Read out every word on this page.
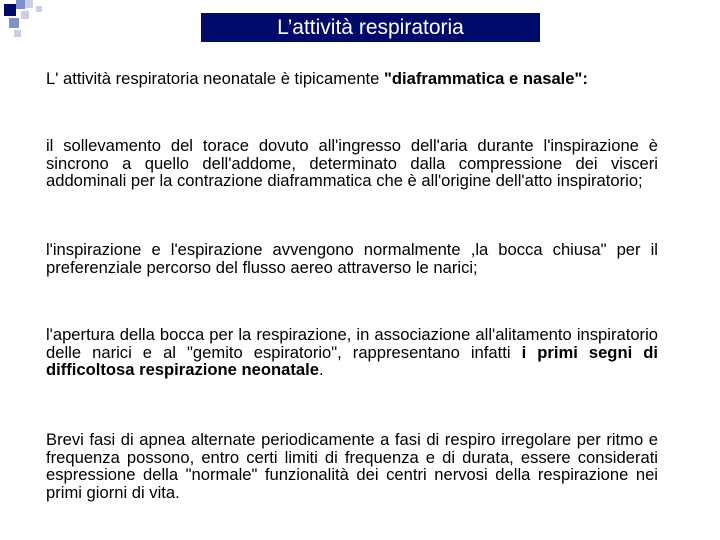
L’attività respiratoria

L' attività respiratoria neonatale è tipicamente "diaframmatica e nasale":

il sollevamento del torace dovuto all'ingresso dell'aria durante l'inspirazione è sincrono a quello dell'addome, determinato dalla compressione dei visceri addominali per la contrazione diaframmatica che è all'origine dell'atto inspiratorio;

l'inspirazione e l'espirazione avvengono normalmente ,la bocca chiusa" per il preferenziale percorso del flusso aereo attraverso le narici;

l'apertura della bocca per la respirazione, in associazione all'alitamento inspiratorio delle narici e al "gemito espiratorio", rappresentano infatti i primi segni di difficoltosa respirazione neonatale.

Brevi fasi di apnea alternate periodicamente a fasi di respiro irregolare per ritmo e frequenza possono, entro certi limiti di frequenza e di durata, essere considerati espressione della "normale" funzionalità dei centri nervosi della respirazione nei primi giorni di vita.
